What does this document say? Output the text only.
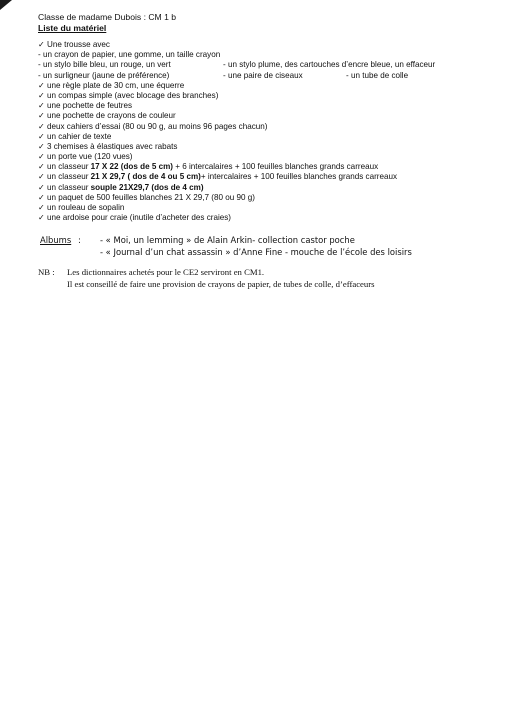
Classe de madame Dubois : CM 1 b
Liste du matériel
✓ Une trousse avec
- un crayon de papier, une gomme, un taille crayon
- un stylo bille bleu, un rouge, un vert	- un stylo plume, des cartouches d’encre bleue, un effaceur
- un surligneur (jaune de préférence)	- une paire de ciseaux	- un tube de colle
✓ une règle plate de 30 cm, une équerre
✓ un compas simple (avec blocage des branches)
✓ une pochette de feutres
✓ une pochette de crayons de couleur
✓ deux cahiers d’essai (80 ou 90 g, au moins 96 pages chacun)
✓ un cahier de texte
✓ 3 chemises à élastiques avec rabats
✓ un porte vue (120 vues)
✓ un classeur 17 X 22 (dos de 5 cm) + 6 intercalaires + 100 feuilles blanches grands carreaux
✓ un classeur 21 X 29,7 ( dos de 4 ou 5 cm)+ intercalaires + 100 feuilles blanches grands carreaux
✓ un classeur souple 21X29,7 (dos de 4 cm)
✓ un paquet de 500 feuilles blanches 21 X 29,7 (80 ou 90 g)
✓ un rouleau de sopalin
✓ une ardoise pour craie (inutile d’acheter des craies)
Albums : - « Moi, un lemming » de Alain Arkin- collection castor poche
- « Journal d’un chat assassin » d’Anne Fine - mouche de l’école des loisirs
NB : Les dictionnaires achetés pour le CE2 serviront en CM1.
Il est conseillé de faire une provision de crayons de papier, de tubes de colle, d’effaceurs
